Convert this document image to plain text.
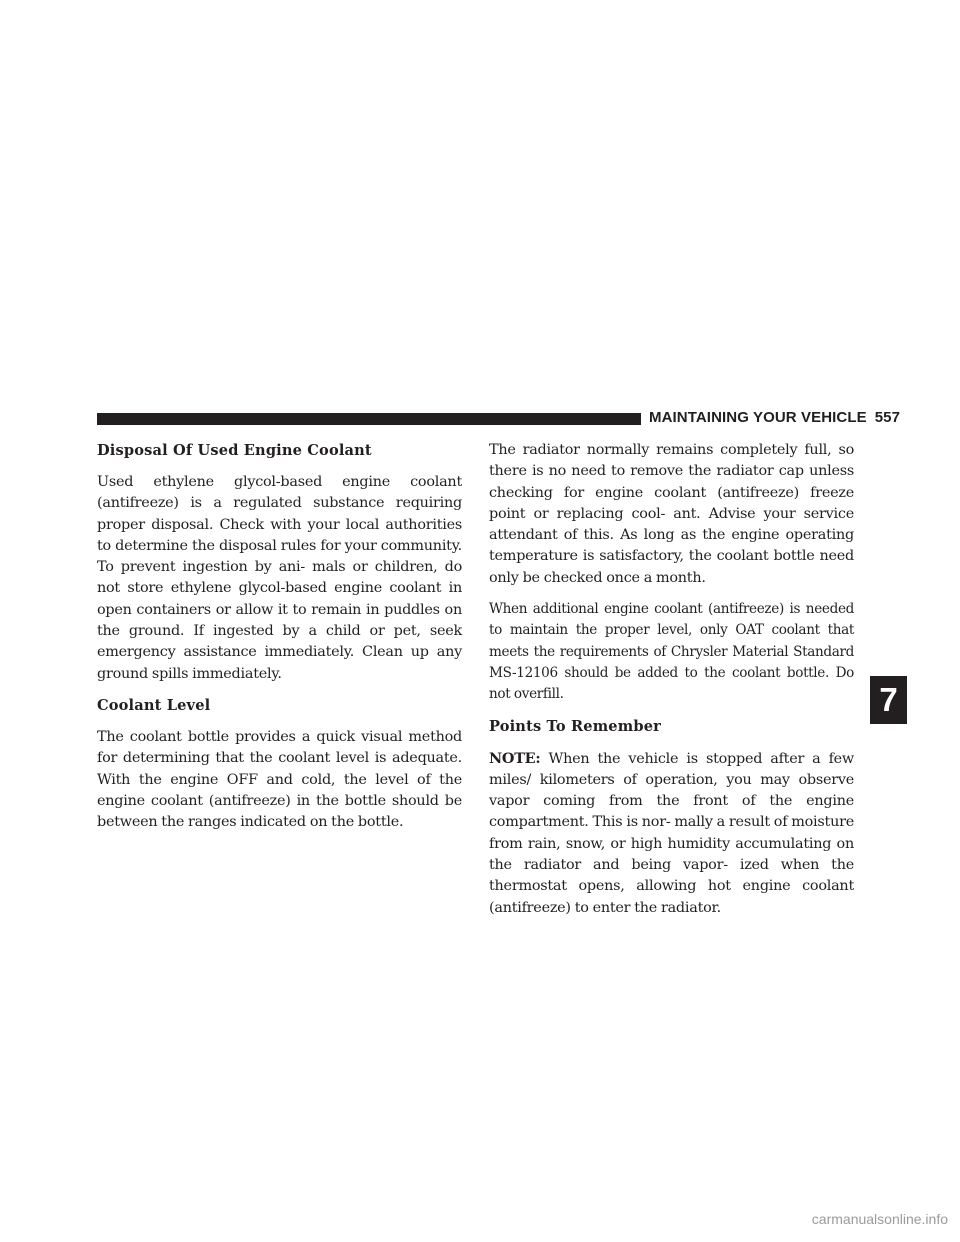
MAINTAINING YOUR VEHICLE 557
Disposal Of Used Engine Coolant

Used ethylene glycol-based engine coolant (antifreeze) is a regulated substance requiring proper disposal. Check with your local authorities to determine the disposal rules for your community. To prevent ingestion by ani- mals or children, do not store ethylene glycol-based engine coolant in open containers or allow it to remain in puddles on the ground. If ingested by a child or pet, seek emergency assistance immediately. Clean up any ground spills immediately.

Coolant Level

The coolant bottle provides a quick visual method for determining that the coolant level is adequate. With the engine OFF and cold, the level of the engine coolant (antifreeze) in the bottle should be between the ranges indicated on the bottle.

The radiator normally remains completely full, so there is no need to remove the radiator cap unless checking for engine coolant (antifreeze) freeze point or replacing cool- ant. Advise your service attendant of this. As long as the engine operating temperature is satisfactory, the coolant bottle need only be checked once a month.

When additional engine coolant (antifreeze) is needed to maintain the proper level, only OAT coolant that meets the requirements of Chrysler Material Standard MS-12106 should be added to the coolant bottle. Do not overfill.

Points To Remember

NOTE: When the vehicle is stopped after a few miles/ kilometers of operation, you may observe vapor coming from the front of the engine compartment. This is nor- mally a result of moisture from rain, snow, or high humidity accumulating on the radiator and being vapor- ized when the thermostat opens, allowing hot engine coolant (antifreeze) to enter the radiator.

7
carmanualsonline.info
